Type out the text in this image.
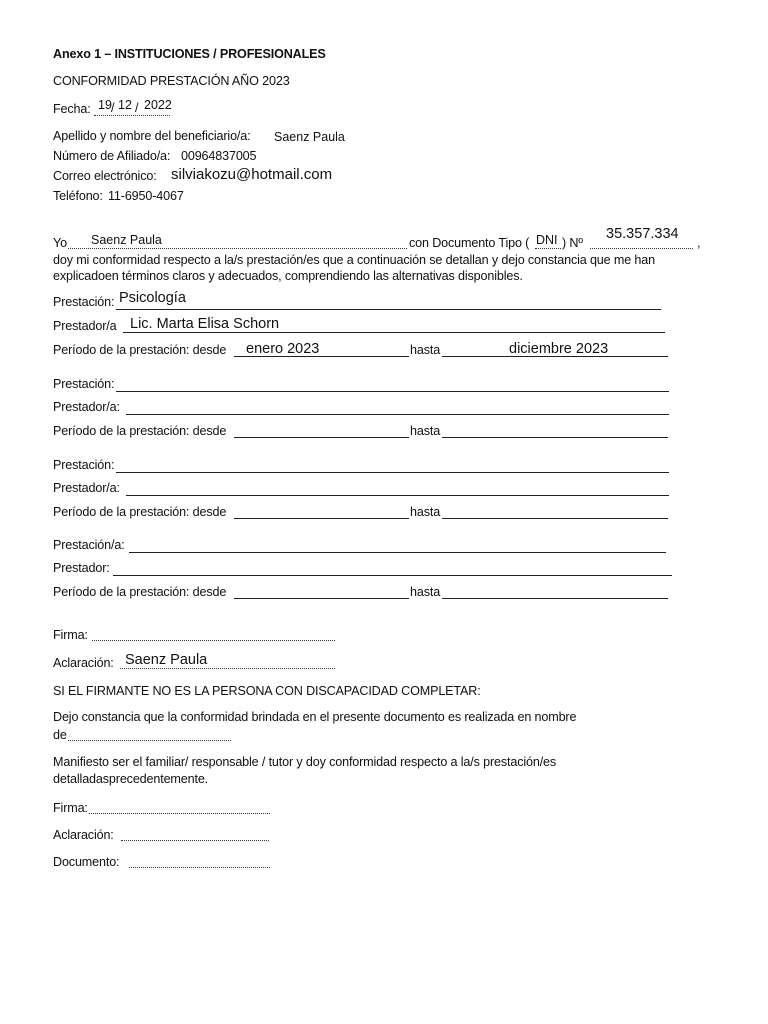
Anexo 1 – INSTITUCIONES / PROFESIONALES

CONFORMIDAD PRESTACIÓN AÑO 2023

Fecha: 19 / 12 / 2022

Apellido y nombre del beneficiario/a: Saenz Paula

Número de Afiliado/a: 00964837005

Correo electrónico: silviakozu@hotmail.com

Teléfono: 11-6950-4067

Yo Saenz Paula	con Documento Tipo ( DNI ) Nº
35.357.334
,

doy mi conformidad respecto a la/s prestación/es que a continuación se detallan y dejo constancia que me han

explicadoen términos claros y adecuados, comprendiendo las alternativas disponibles.

Prestación: Psicología

Prestador/a Lic. Marta Elisa Schorn

Período de la prestación: desde enero 2023	hasta	diciembre 2023

Prestación:

Prestador/a:

Período de la prestación: desde	hasta

Prestación:

Prestador/a:

Período de la prestación: desde	hasta

Prestación/a:

Prestador:

Período de la prestación: desde	hasta

Firma:

Aclaración: Saenz Paula

SI EL FIRMANTE NO ES LA PERSONA CON DISCAPACIDAD COMPLETAR:

Dejo constancia que la conformidad brindada en el presente documento es realizada en nombre

de

Manifiesto ser el familiar/ responsable / tutor y doy conformidad respecto a la/s prestación/es

detalladasprecedentemente.

Firma:

Aclaración:

Documento:
